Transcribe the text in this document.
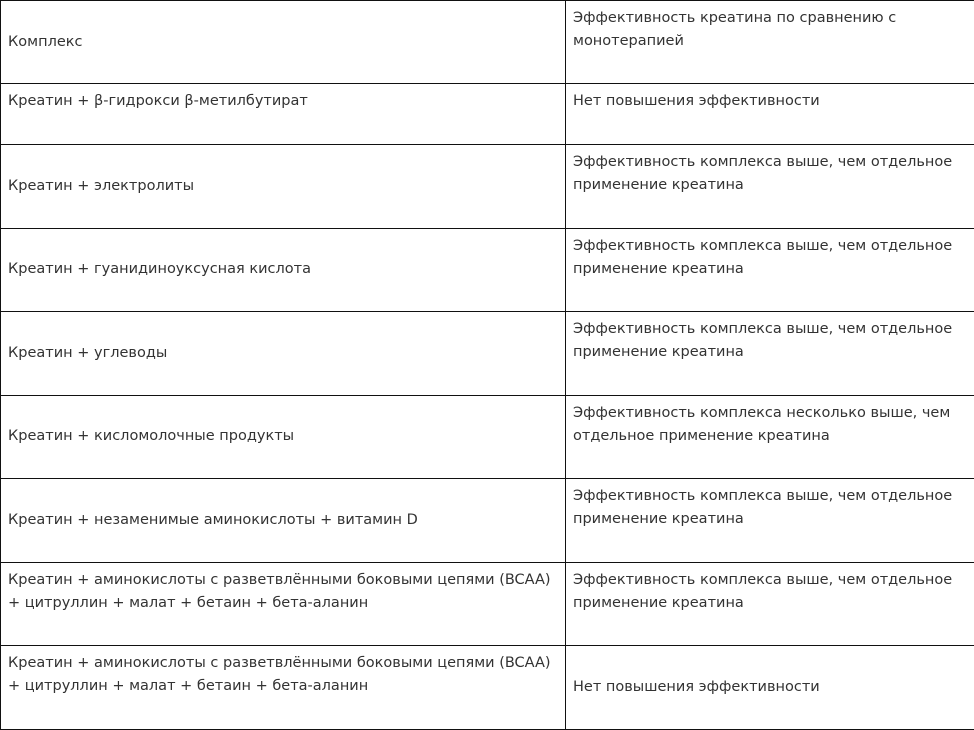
Комплекс	Эффективность креатина по сравнению с монотерапией
Креатин + β-гидрокси β-метилбутират	Нет повышения эффективности
Креатин + электролиты	Эффективность комплекса выше, чем отдельное применение креатина
Креатин + гуанидиноуксусная кислота	Эффективность комплекса выше, чем отдельное применение креатина
Креатин + углеводы	Эффективность комплекса выше, чем отдельное применение креатина
Креатин + кисломолочные продукты	Эффективность комплекса несколько выше, чем отдельное применение креатина
Креатин + незаменимые аминокислоты + витамин D	Эффективность комплекса выше, чем отдельное применение креатина
Креатин + аминокислоты с разветвлёнными боковыми цепями (BCAA) + цитруллин + малат + бетаин + бета-аланин	Эффективность комплекса выше, чем отдельное применение креатина
Креатин + аминокислоты с разветвлёнными боковыми цепями (BCAA) + цитруллин + малат + бетаин + бета-аланин	Нет повышения эффективности
